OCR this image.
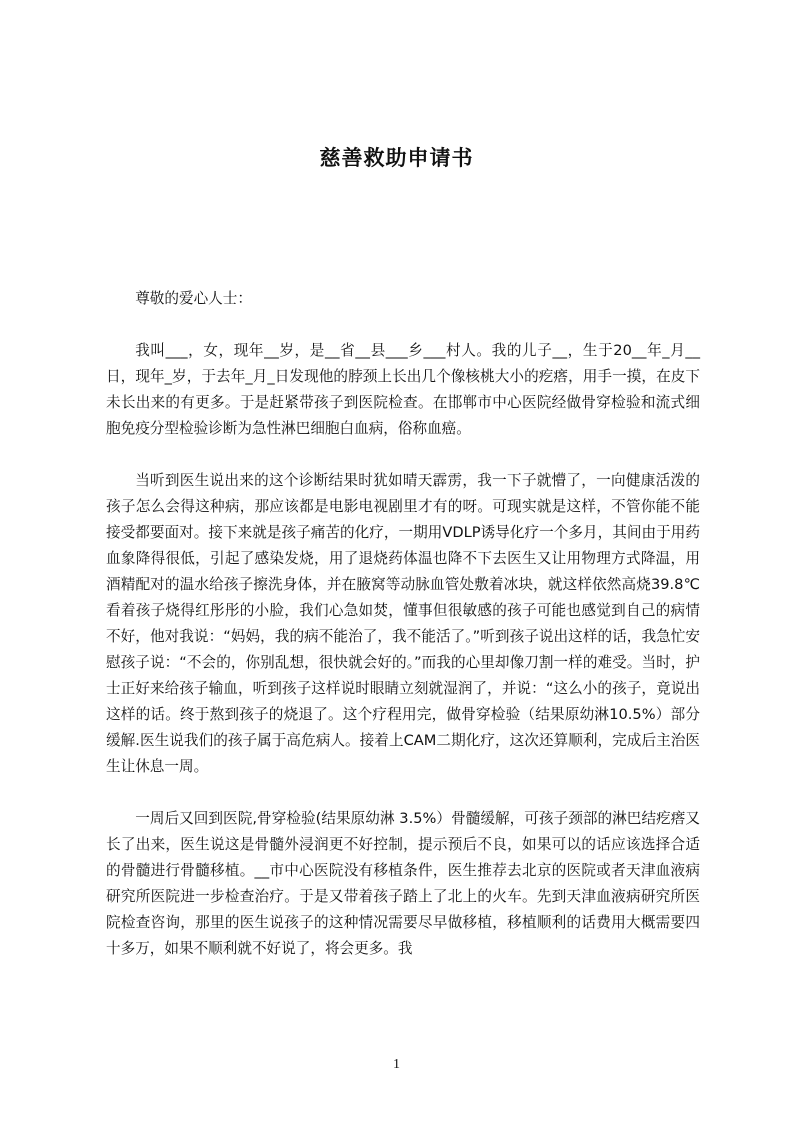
慈善救助申请书

尊敬的爱心人士：

我叫___，女，现年__岁，是__省__县___乡___村人。我的儿子__，生于20__年_月__日，现年_岁，于去年_月_日发现他的脖颈上长出几个像核桃大小的疙瘩，用手一摸，在皮下未长出来的有更多。于是赶紧带孩子到医院检查。在邯郸市中心医院经做骨穿检验和流式细胞免疫分型检验诊断为急性淋巴细胞白血病，俗称血癌。

当听到医生说出来的这个诊断结果时犹如晴天霹雳，我一下子就懵了，一向健康活泼的孩子怎么会得这种病，那应该都是电影电视剧里才有的呀。可现实就是这样，不管你能不能接受都要面对。接下来就是孩子痛苦的化疗，一期用VDLP诱导化疗一个多月，其间由于用药血象降得很低，引起了感染发烧，用了退烧药体温也降不下去医生又让用物理方式降温，用酒精配对的温水给孩子擦洗身体，并在腋窝等动脉血管处敷着冰块，就这样依然高烧39.8℃ 看着孩子烧得红彤彤的小脸，我们心急如焚，懂事但很敏感的孩子可能也感觉到自己的病情不好，他对我说：“妈妈，我的病不能治了，我不能活了。”听到孩子说出这样的话，我急忙安慰孩子说：“不会的，你别乱想，很快就会好的。”而我的心里却像刀割一样的难受。当时，护士正好来给孩子输血，听到孩子这样说时眼睛立刻就湿润了，并说：“这么小的孩子，竟说出这样的话。终于熬到孩子的烧退了。这个疗程用完，做骨穿检验（结果原幼淋10.5%）部分缓解.医生说我们的孩子属于高危病人。接着上CAM二期化疗，这次还算顺利，完成后主治医生让休息一周。

一周后又回到医院,骨穿检验(结果原幼淋 3.5%）骨髓缓解，可孩子颈部的淋巴结疙瘩又长了出来，医生说这是骨髓外浸润更不好控制，提示预后不良，如果可以的话应该选择合适的骨髓进行骨髓移植。__市中心医院没有移植条件，医生推荐去北京的医院或者天津血液病研究所医院进一步检查治疗。于是又带着孩子踏上了北上的火车。先到天津血液病研究所医院检查咨询，那里的医生说孩子的这种情况需要尽早做移植，移植顺利的话费用大概需要四十多万，如果不顺利就不好说了，将会更多。我

1
